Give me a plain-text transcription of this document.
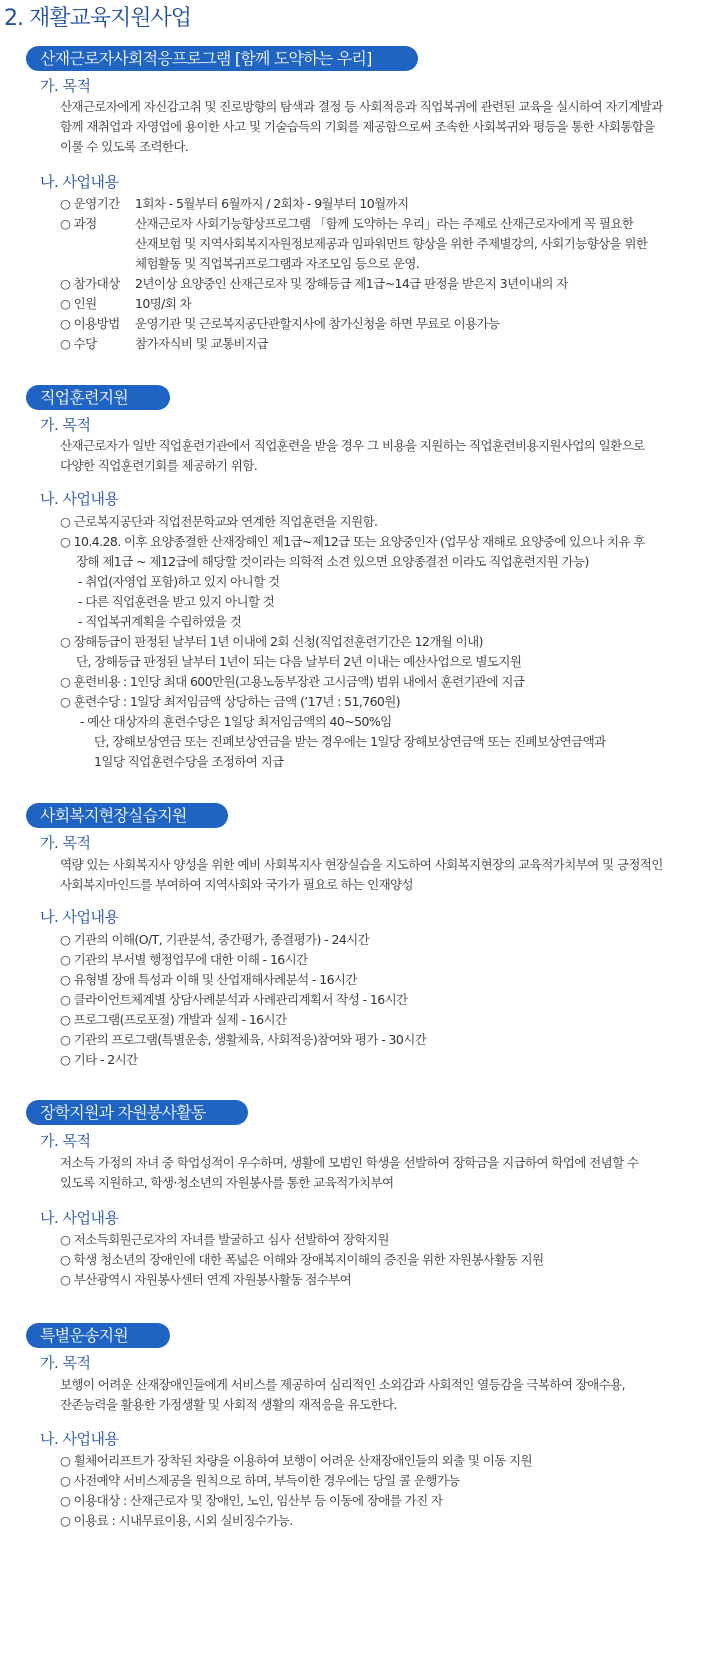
2. 재활교육지원사업
산재근로자사회적응프로그램 [함께 도약하는 우리]
가. 목적
산재근로자에게 자신감고취 및 진로방향의 탐색과 결정 등 사회적응과 직업복귀에 관련된 교육을 실시하여 자기계발과
함께 재취업과 자영업에 용이한 사고 및 기술습득의 기회를 제공함으로써 조속한 사회복귀와 평등을 통한 사회통합을
이룰 수 있도록 조력한다.
나. 사업내용
○ 운영기간 1회차 - 5월부터 6월까지 / 2회차 - 9월부터 10월까지
○ 과정	산재근로자 사회기능향상프로그램 「함께 도약하는 우리」라는 주제로 산재근로자에게 꼭 필요한
산재보험 및 지역사회복지자원정보제공과 임파워먼트 향상을 위한 주제별강의, 사회기능향상을 위한
체험활동 및 직업복귀프로그램과 자조모임 등으로 운영.
○ 참가대상 2년이상 요양중인 산재근로자 및 장해등급 제1급~14급 판정을 받은지 3년이내의 자
○ 인원	10명/회 차
○ 이용방법 운영기관 및 근로복지공단관할지사에 참가신청을 하면 무료로 이용가능
○ 수당	참가자식비 및 교통비지급
직업훈련지원
가. 목적
산재근로자가 일반 직업훈련기관에서 직업훈련을 받을 경우 그 비용을 지원하는 직업훈련비용지원사업의 일환으로
다양한 직업훈련기회를 제공하기 위함.
나. 사업내용
○ 근로복지공단과 직업전문학교와 연계한 직업훈련을 지원함.
○ 10.4.28. 이후 요양종결한 산재장해인 제1급~제12급 또는 요양중인자 (업무상 재해로 요양중에 있으나 치유 후
장해 제1급 ~ 제12급에 해당할 것이라는 의학적 소견 있으면 요양종결전 이라도 직업훈련지원 가능)
- 취업(자영업 포함)하고 있지 아니할 것
- 다른 직업훈련을 받고 있지 아니할 것
- 직업복귀계획을 수립하였을 것
○ 장해등급이 판정된 날부터 1년 이내에 2회 신청(직업전훈련기간은 12개월 이내)
단, 장해등급 판정된 날부터 1년이 되는 다음 날부터 2년 이내는 예산사업으로 별도지원
○ 훈련비용 : 1인당 최대 600만원(고용노동부장관 고시금액) 범위 내에서 훈련기관에 지급
○ 훈련수당 : 1일당 최저임금액 상당하는 금액 (’17년 : 51,760원)
- 예산 대상자의 훈련수당은 1일당 최저임금액의 40~50%임
단, 장해보상연금 또는 진폐보상연금을 받는 경우에는 1일당 장해보상연금액 또는 진폐보상연금액과
1일당 직업훈련수당을 조정하여 지급
사회복지현장실습지원
가. 목적
역량 있는 사회복지사 양성을 위한 예비 사회복지사 현장실습을 지도하여 사회복지현장의 교육적가치부여 및 긍정적인
사회복지마인드를 부여하여 지역사회와 국가가 필요로 하는 인재양성
나. 사업내용
○ 기관의 이해(O/T, 기관분석, 중간평가, 종결평가) - 24시간
○ 기관의 부서별 행정업무에 대한 이해 - 16시간
○ 유형별 장애 특성과 이해 및 산업재해사례분석 - 16시간
○ 클라이언트체계별 상담사례분석과 사례관리계획서 작성 - 16시간
○ 프로그램(프로포절) 개발과 실제 - 16시간
○ 기관의 프로그램(특별운송, 생활체육, 사회적응)참여와 평가 - 30시간
○ 기타 - 2시간
장학지원과 자원봉사활동
가. 목적
저소득 가정의 자녀 중 학업성적이 우수하며, 생활에 모범인 학생을 선발하여 장학금을 지급하여 학업에 전념할 수
있도록 지원하고, 학생·청소년의 자원봉사를 통한 교육적가치부여
나. 사업내용
○ 저소득회원근로자의 자녀를 발굴하고 심사 선발하여 장학지원
○ 학생 청소년의 장애인에 대한 폭넓은 이해와 장애복지이해의 증진을 위한 자원봉사활동 지원
○ 부산광역시 자원봉사센터 연계 자원봉사활동 점수부여
특별운송지원
가. 목적
보행이 어려운 산재장애인들에게 서비스를 제공하여 심리적인 소외감과 사회적인 열등감을 극복하여 장애수용,
잔존능력을 활용한 가정생활 및 사회적 생활의 재적응을 유도한다.
나. 사업내용
○ 휠체어리프트가 장착된 차량을 이용하여 보행이 어려운 산재장애인들의 외출 및 이동 지원
○ 사전예약 서비스제공을 원칙으로 하며, 부득이한 경우에는 당일 콜 운행가능
○ 이용대상 : 산재근로자 및 장애인, 노인, 임산부 등 이동에 장애를 가진 자
○ 이용료 : 시내무료이용, 시외 실비징수가능.
